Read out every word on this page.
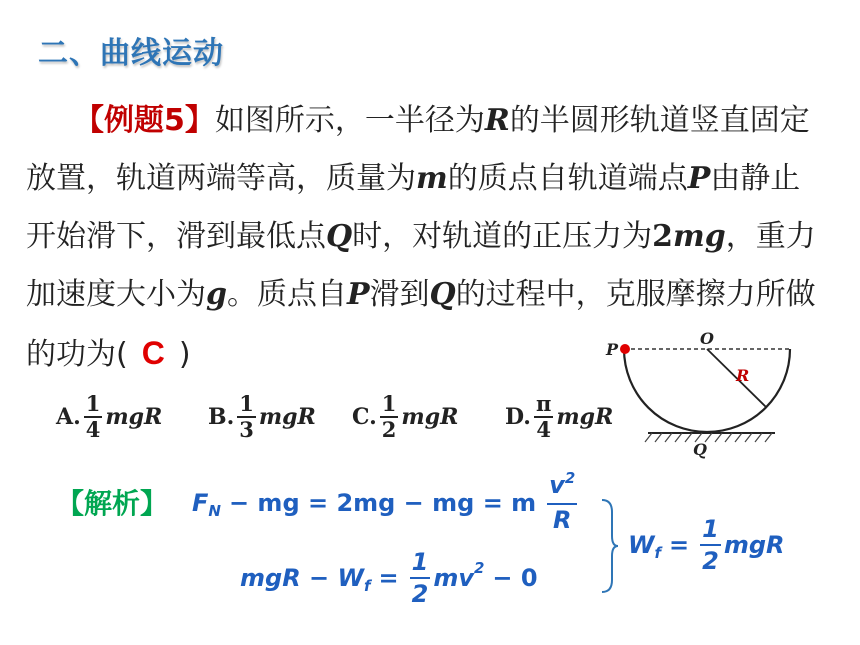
二、曲线运动
【例题5】如图所示，一半径为R的半圆形轨道竖直固定放置，轨道两端等高，质量为m的质点自轨道端点P由静止开始滑下，滑到最低点Q时，对轨道的正压力为2mg，重力加速度大小为g。质点自P滑到Q的过程中，克服摩擦力所做的功为( C )
A. $\frac{1}{4}$ mgR B. $\frac{1}{3}$ mgR C. $\frac{1}{2}$ mgR D. $\frac{\pi}{4}$ mgR
P
O
R
Q
【解析】 F N − mg = 2mg − mg = m $\frac{v^2}{R}$
mgR − W $f = \frac{1}{2}$ mv 2 − 0
W $f = \frac{1}{2}$ mgR
